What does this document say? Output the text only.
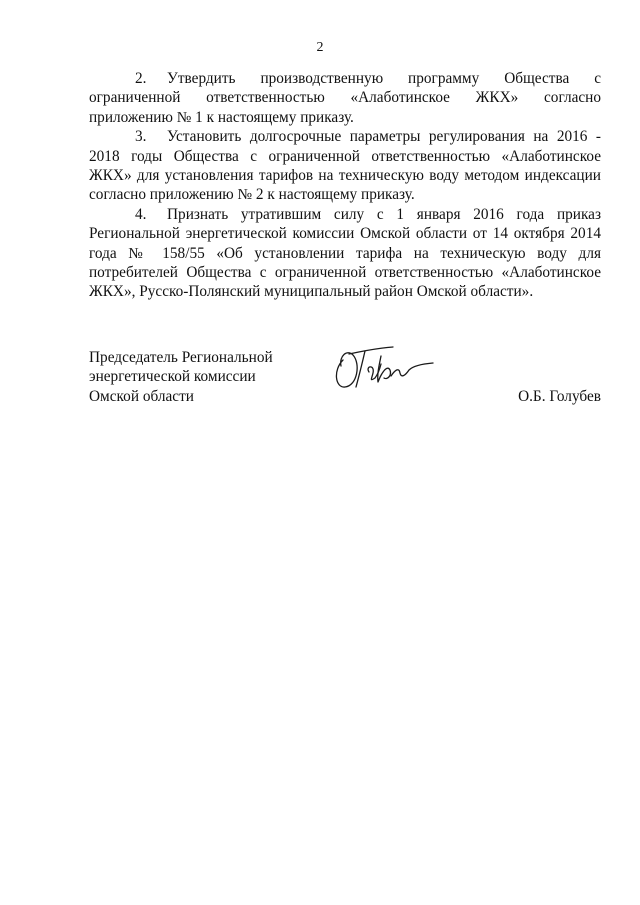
2

2. Утвердить производственную программу Общества с ограниченной ответственностью «Алаботинское ЖКХ» согласно приложению № 1 к настоящему приказу.

3. Установить долгосрочные параметры регулирования на 2016 - 2018 годы Общества с ограниченной ответственностью «Алаботинское ЖКХ» для установления тарифов на техническую воду методом индексации согласно приложению № 2 к настоящему приказу.

4. Признать утратившим силу с 1 января 2016 года приказ Региональной энергетической комиссии Омской области от 14 октября 2014 года № 158/55 «Об установлении тарифа на техническую воду для потребителей Общества с ограниченной ответственностью «Алаботинское ЖКХ», Русско-Полянский муниципальный район Омской области».

Председатель Региональной
энергетической комиссии
Омской области	О.Б. Голубев
